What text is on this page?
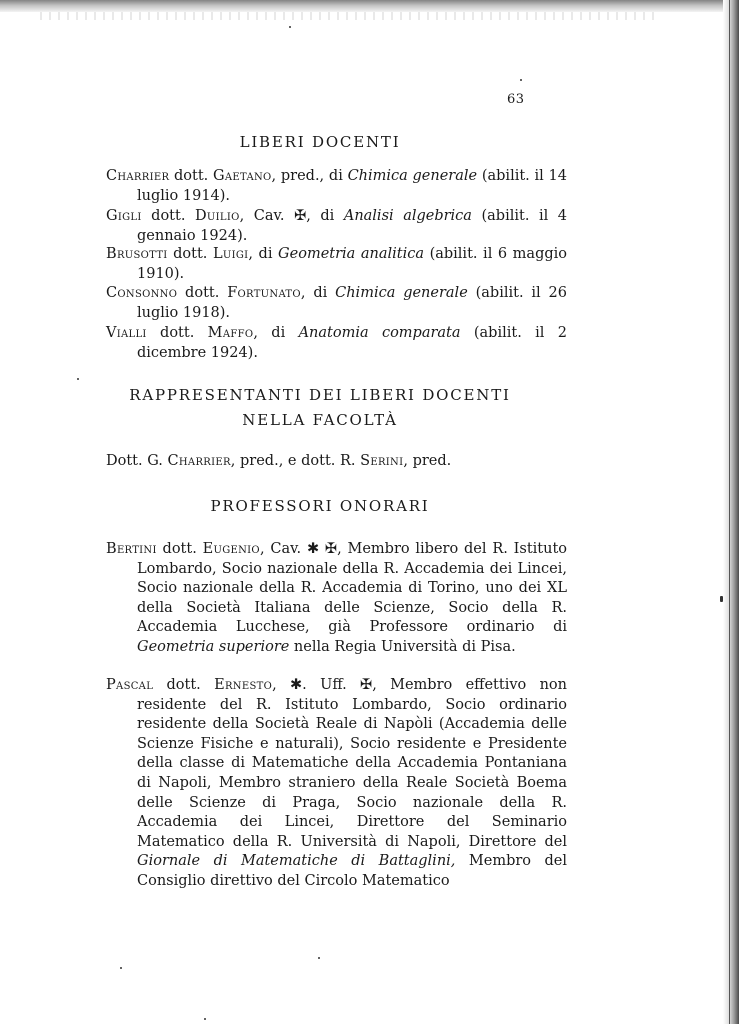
63
LIBERI DOCENTI
Charrier dott. Gaetano, pred., di Chimica generale (abilit. il 14 luglio 1914).
Gigli dott. Duilio, Cav. ✠, di Analisi algebrica (abilit. il 4 gennaio 1924).
Brusotti dott. Luigi, di Geometria analitica (abilit. il 6 maggio 1910).
Consonno dott. Fortunato, di Chimica generale (abilit. il 26 luglio 1918).
Vialli dott. Maffo, di Anatomia comparata (abilit. il 2 dicembre 1924).
RAPPRESENTANTI DEI LIBERI DOCENTI
NELLA FACOLTÀ
Dott. G. Charrier, pred., e dott. R. Serini, pred.
PROFESSORI ONORARI
Bertini dott. Eugenio, Cav. ✱ ✠, Membro libero del R. Istituto Lombardo, Socio nazionale della R. Accademia dei Lincei, Socio nazionale della R. Accademia di Torino, uno dei XL della Società Italiana delle Scienze, Socio della R. Accademia Lucchese, già Professore ordinario di Geometria superiore nella Regia Università di Pisa.
Pascal dott. Ernesto, ✱. Uff. ✠, Membro effettivo non residente del R. Istituto Lombardo, Socio ordinario residente della Società Reale di Napòli (Accademia delle Scienze Fisiche e naturali), Socio residente e Presidente della classe di Matematiche della Accademia Pontaniana di Napoli, Membro straniero della Reale Società Boema delle Scienze di Praga, Socio nazionale della R. Accademia dei Lincei, Direttore del Seminario Matematico della R. Università di Napoli, Direttore del Giornale di Matematiche di Battaglini, Membro del Consiglio direttivo del Circolo Matematico
